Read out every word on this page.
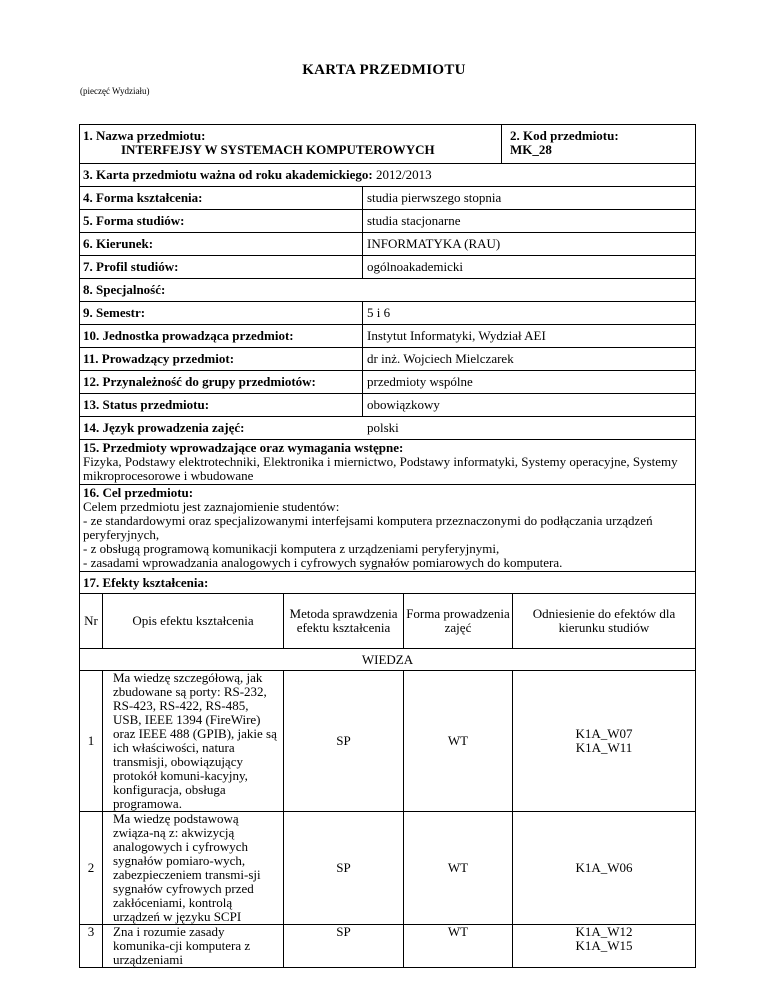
KARTA PRZEDMIOTU
(pieczęć Wydziału)
1. Nazwa przedmiotu:
INTERFEJSY W SYSTEMACH KOMPUTEROWYCH
2. Kod przedmiotu:
MK_28
3. Karta przedmiotu ważna od roku akademickiego: 2012/2013
4. Forma kształcenia:	studia pierwszego stopnia
5. Forma studiów:	studia stacjonarne
6. Kierunek:	INFORMATYKA (RAU)
7. Profil studiów:	ogólnoakademicki
8. Specjalność:
9. Semestr:	5 i 6
10. Jednostka prowadząca przedmiot:	Instytut Informatyki, Wydział AEI
11. Prowadzący przedmiot:	dr inż. Wojciech Mielczarek
12. Przynależność do grupy przedmiotów:	przedmioty wspólne
13. Status przedmiotu:	obowiązkowy
14. Język prowadzenia zajęć:	polski
15. Przedmioty wprowadzające oraz wymagania wstępne:
Fizyka, Podstawy elektrotechniki, Elektronika i miernictwo, Podstawy informatyki, Systemy operacyjne, Systemy mikroprocesorowe i wbudowane
16. Cel przedmiotu:
Celem przedmiotu jest zaznajomienie studentów:
- ze standardowymi oraz specjalizowanymi interfejsami komputera przeznaczonymi do podłączania urządzeń peryferyjnych,
- z obsługą programową komunikacji komputera z urządzeniami peryferyjnymi,
- zasadami wprowadzania analogowych i cyfrowych sygnałów pomiarowych do komputera.
17. Efekty kształcenia:
Nr	Opis efektu kształcenia	Metoda sprawdzenia efektu kształcenia	Forma prowadzenia zajęć	Odniesienie do efektów dla kierunku studiów
WIEDZA				
1	Ma wiedzę szczegółową, jak zbudowane są porty: RS-232, RS-423, RS-422, RS-485, USB, IEEE 1394 (FireWire) oraz IEEE 488 (GPIB), jakie są ich właściwości, natura transmisji, obowiązujący protokół komuni-kacyjny, konfiguracja, obsługa programowa.	SP	WT	K1A_W07 K1A_W11

2	Ma wiedzę podstawową związa-ną z: akwizycją analogowych i cyfrowych sygnałów pomiaro-wych, zabezpieczeniem transmi-sji sygnałów cyfrowych przed zakłóceniami, kontrolą urządzeń w języku SCPI	SP	WT	K1A_W06
3	Zna i rozumie zasady komunika-cji komputera z urządzeniami	SP	WT	K1A_W12 K1A_W15
